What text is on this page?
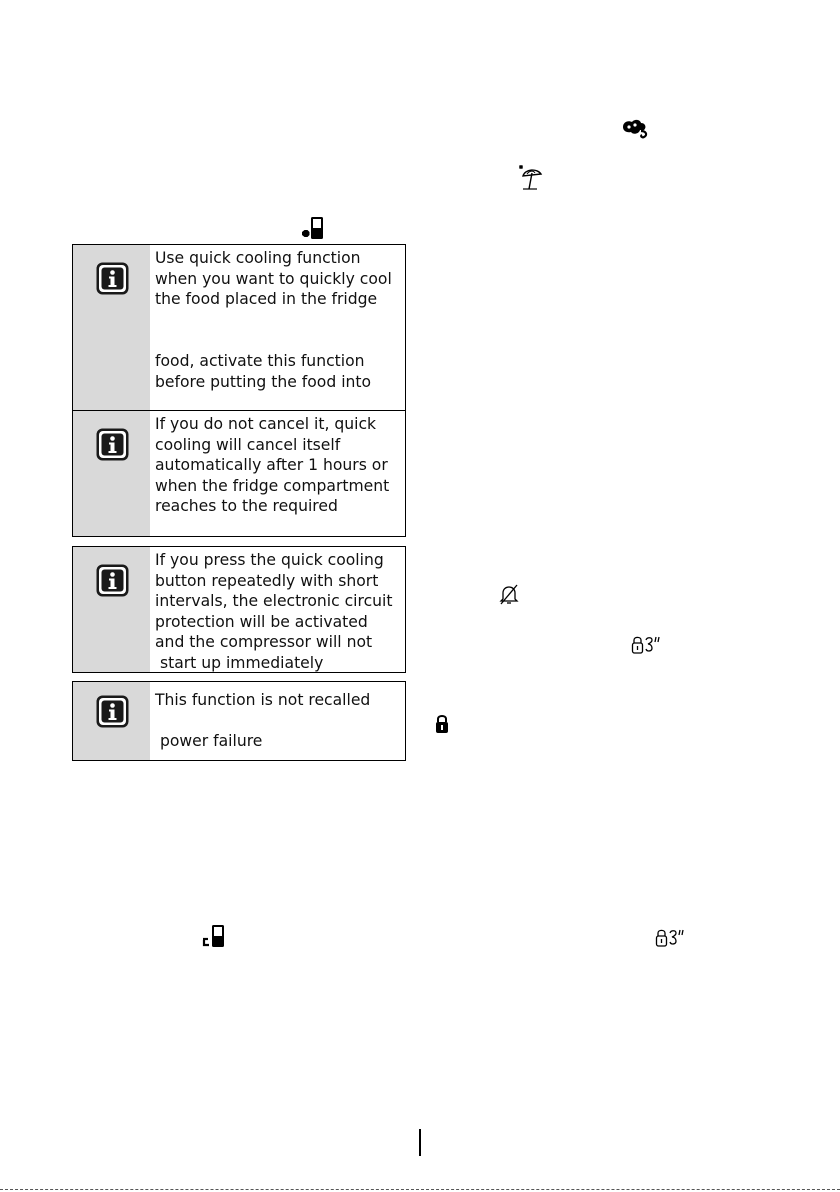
Use quick cooling function
when you want to quickly cool
the food placed in the fridge

food, activate this function
before putting the food into
If you do not cancel it, quick
cooling will cancel itself
automatically after 1 hours or
when the fridge compartment
reaches to the required
If you press the quick cooling
button repeatedly with short
intervals, the electronic circuit
protection will be activated
and the compressor will not
start up immediately
This function is not recalled

power failure
